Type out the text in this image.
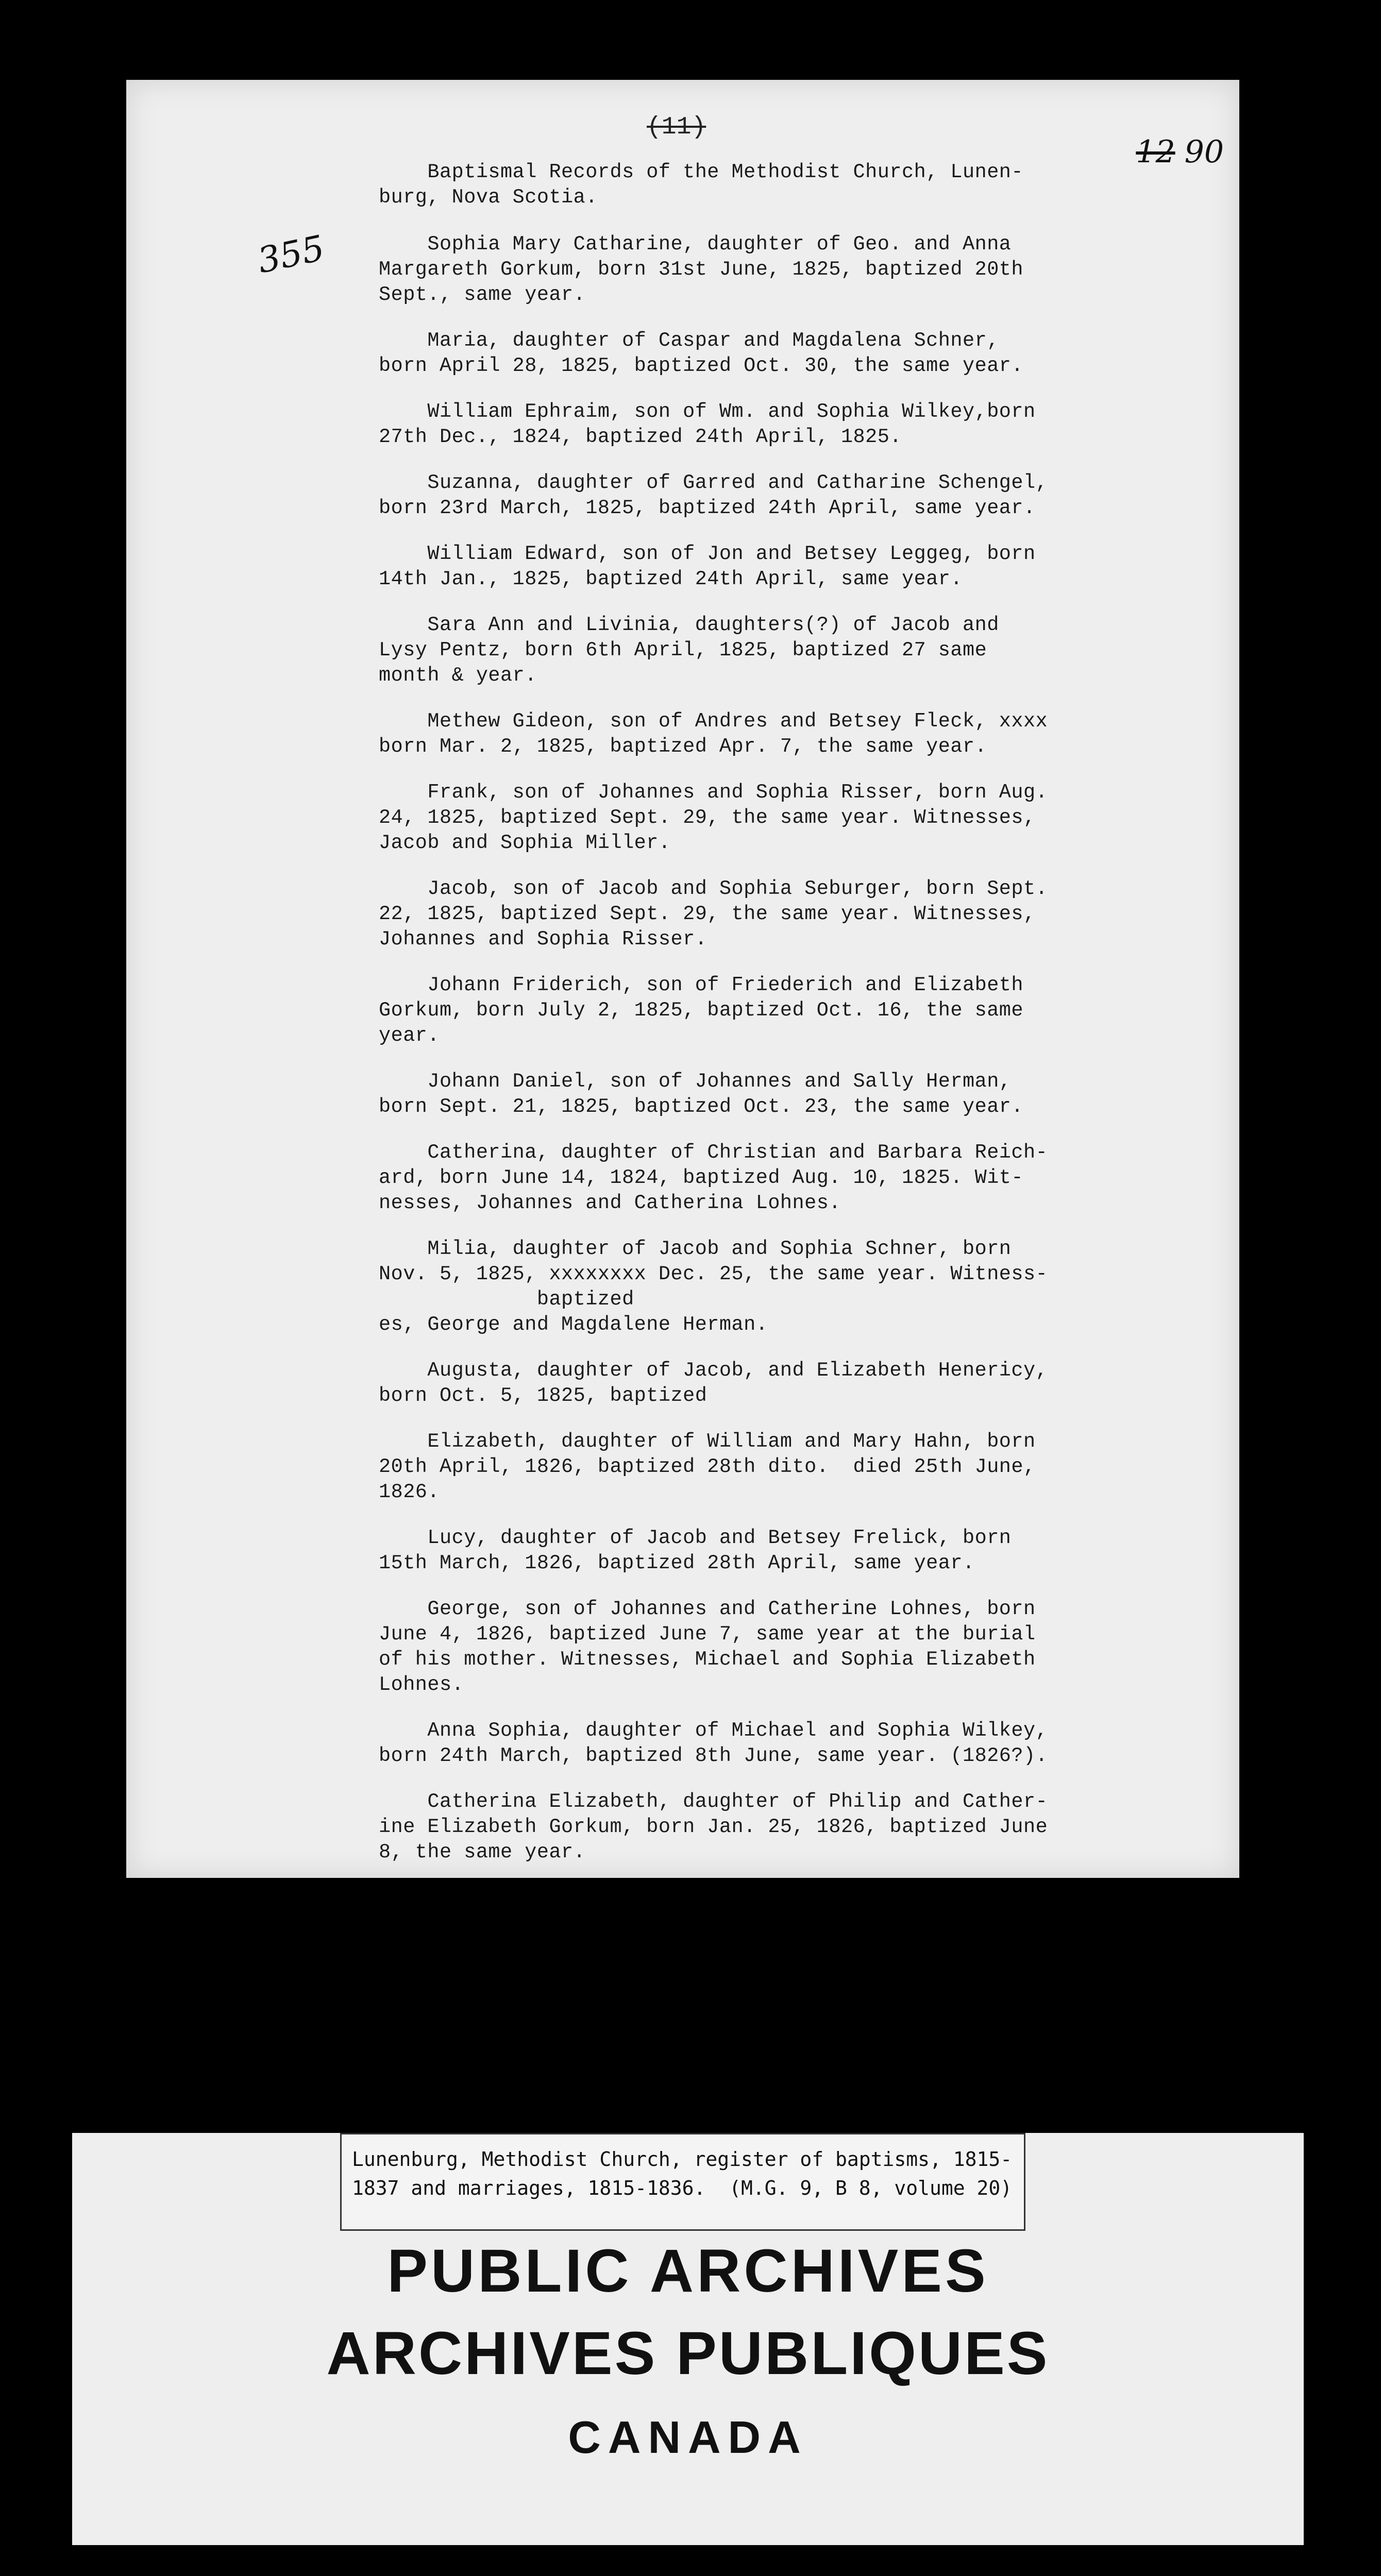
(11)
12 90
355

Baptismal Records of the Methodist Church, Lunen-
burg, Nova Scotia.

Sophia Mary Catharine, daughter of Geo. and Anna
Margareth Gorkum, born 31st June, 1825, baptized 20th
Sept., same year.

Maria, daughter of Caspar and Magdalena Schner,
born April 28, 1825, baptized Oct. 30, the same year.

William Ephraim, son of Wm. and Sophia Wilkey,born
27th Dec., 1824, baptized 24th April, 1825.

Suzanna, daughter of Garred and Catharine Schengel,
born 23rd March, 1825, baptized 24th April, same year.

William Edward, son of Jon and Betsey Leggeg, born
14th Jan., 1825, baptized 24th April, same year.

Sara Ann and Livinia, daughters(?) of Jacob and
Lysy Pentz, born 6th April, 1825, baptized 27 same
month & year.

Methew Gideon, son of Andres and Betsey Fleck, xxxx
born Mar. 2, 1825, baptized Apr. 7, the same year.

Frank, son of Johannes and Sophia Risser, born Aug.
24, 1825, baptized Sept. 29, the same year. Witnesses,
Jacob and Sophia Miller.

Jacob, son of Jacob and Sophia Seburger, born Sept.
22, 1825, baptized Sept. 29, the same year. Witnesses,
Johannes and Sophia Risser.

Johann Friderich, son of Friederich and Elizabeth
Gorkum, born July 2, 1825, baptized Oct. 16, the same
year.

Johann Daniel, son of Johannes and Sally Herman,
born Sept. 21, 1825, baptized Oct. 23, the same year.

Catherina, daughter of Christian and Barbara Reich-
ard, born June 14, 1824, baptized Aug. 10, 1825. Wit-
nesses, Johannes and Catherina Lohnes.

Milia, daughter of Jacob and Sophia Schner, born
Nov. 5, 1825, xxxxxxxx Dec. 25, the same year. Witness-
baptized
es, George and Magdalene Herman.

Augusta, daughter of Jacob, and Elizabeth Henericy,
born Oct. 5, 1825, baptized

Elizabeth, daughter of William and Mary Hahn, born
20th April, 1826, baptized 28th dito.  died 25th June,
1826.

Lucy, daughter of Jacob and Betsey Frelick, born
15th March, 1826, baptized 28th April, same year.

George, son of Johannes and Catherine Lohnes, born
June 4, 1826, baptized June 7, same year at the burial
of his mother. Witnesses, Michael and Sophia Elizabeth
Lohnes.

Anna Sophia, daughter of Michael and Sophia Wilkey,
born 24th March, baptized 8th June, same year. (1826?).

Catherina Elizabeth, daughter of Philip and Cather-
ine Elizabeth Gorkum, born Jan. 25, 1826, baptized June
8, the same year.

Lunenburg, Methodist Church, register of baptisms, 1815-
1837 and marriages, 1815-1836.  (M.G. 9, B 8, volume 20)
PUBLIC ARCHIVES
ARCHIVES PUBLIQUES
CANADA
